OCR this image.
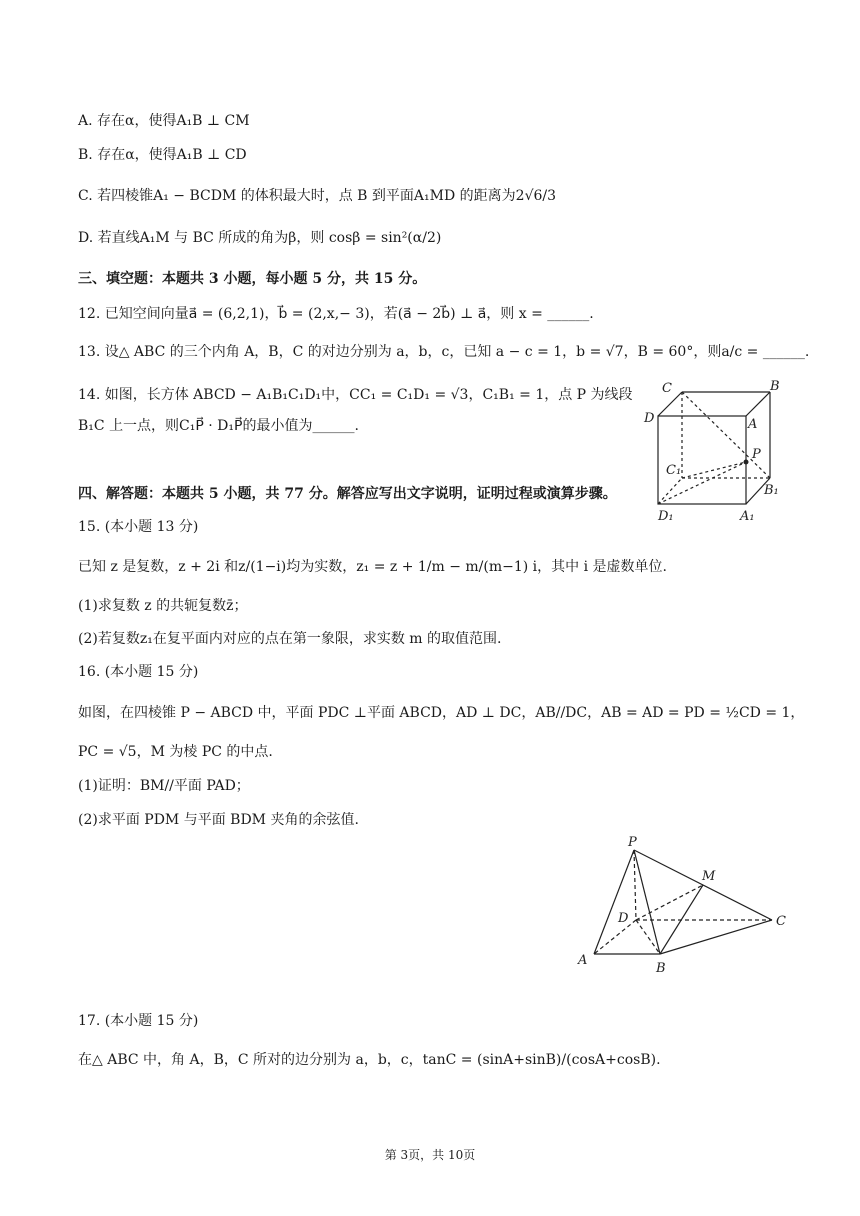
A. 存在α，使得A₁B ⊥ CM
B. 存在α，使得A₁B ⊥ CD
C. 若四棱锥A₁ − BCDM 的体积最大时，点 B 到平面A₁MD 的距离为2√6/3
D. 若直线A₁M 与 BC 所成的角为β，则 cosβ = sin²(α/2)
三、填空题：本题共 3 小题，每小题 5 分，共 15 分。
12. 已知空间向量a⃗ = (6,2,1)，b⃗ = (2,x,− 3)，若(a⃗ − 2b⃗) ⊥ a⃗，则 x = ______.
13. 设△ ABC 的三个内角 A，B，C 的对边分别为 a，b，c，已知 a − c = 1，b = √7，B = 60°，则a/c = ______.
14. 如图，长方体 ABCD − A₁B₁C₁D₁中，CC₁ = C₁D₁ = √3，C₁B₁ = 1，点 P 为线段
B₁C 上一点，则C₁P⃗ · D₁P⃗的最小值为______.
C	B
D	A
C₁
P
B₁
D₁	A₁
四、解答题：本题共 5 小题，共 77 分。解答应写出文字说明，证明过程或演算步骤。
15. (本小题 13 分)
已知 z 是复数，z + 2i 和z/(1−i)均为实数，z₁ = z + 1/m − m/(m−1) i，其中 i 是虚数单位.
(1)求复数 z 的共轭复数z̄；
(2)若复数z₁在复平面内对应的点在第一象限，求实数 m 的取值范围.
16. (本小题 15 分)
如图，在四棱锥 P − ABCD 中，平面 PDC ⊥平面 ABCD，AD ⊥ DC，AB//DC，AB = AD = PD = ½CD = 1，
PC = √5，M 为棱 PC 的中点.
(1)证明：BM//平面 PAD；
(2)求平面 PDM 与平面 BDM 夹角的余弦值.
P
M
D	C
A
B
17. (本小题 15 分)
在△ ABC 中，角 A，B，C 所对的边分别为 a，b，c，tanC = (sinA+sinB)/(cosA+cosB).
第 3页，共 10页
